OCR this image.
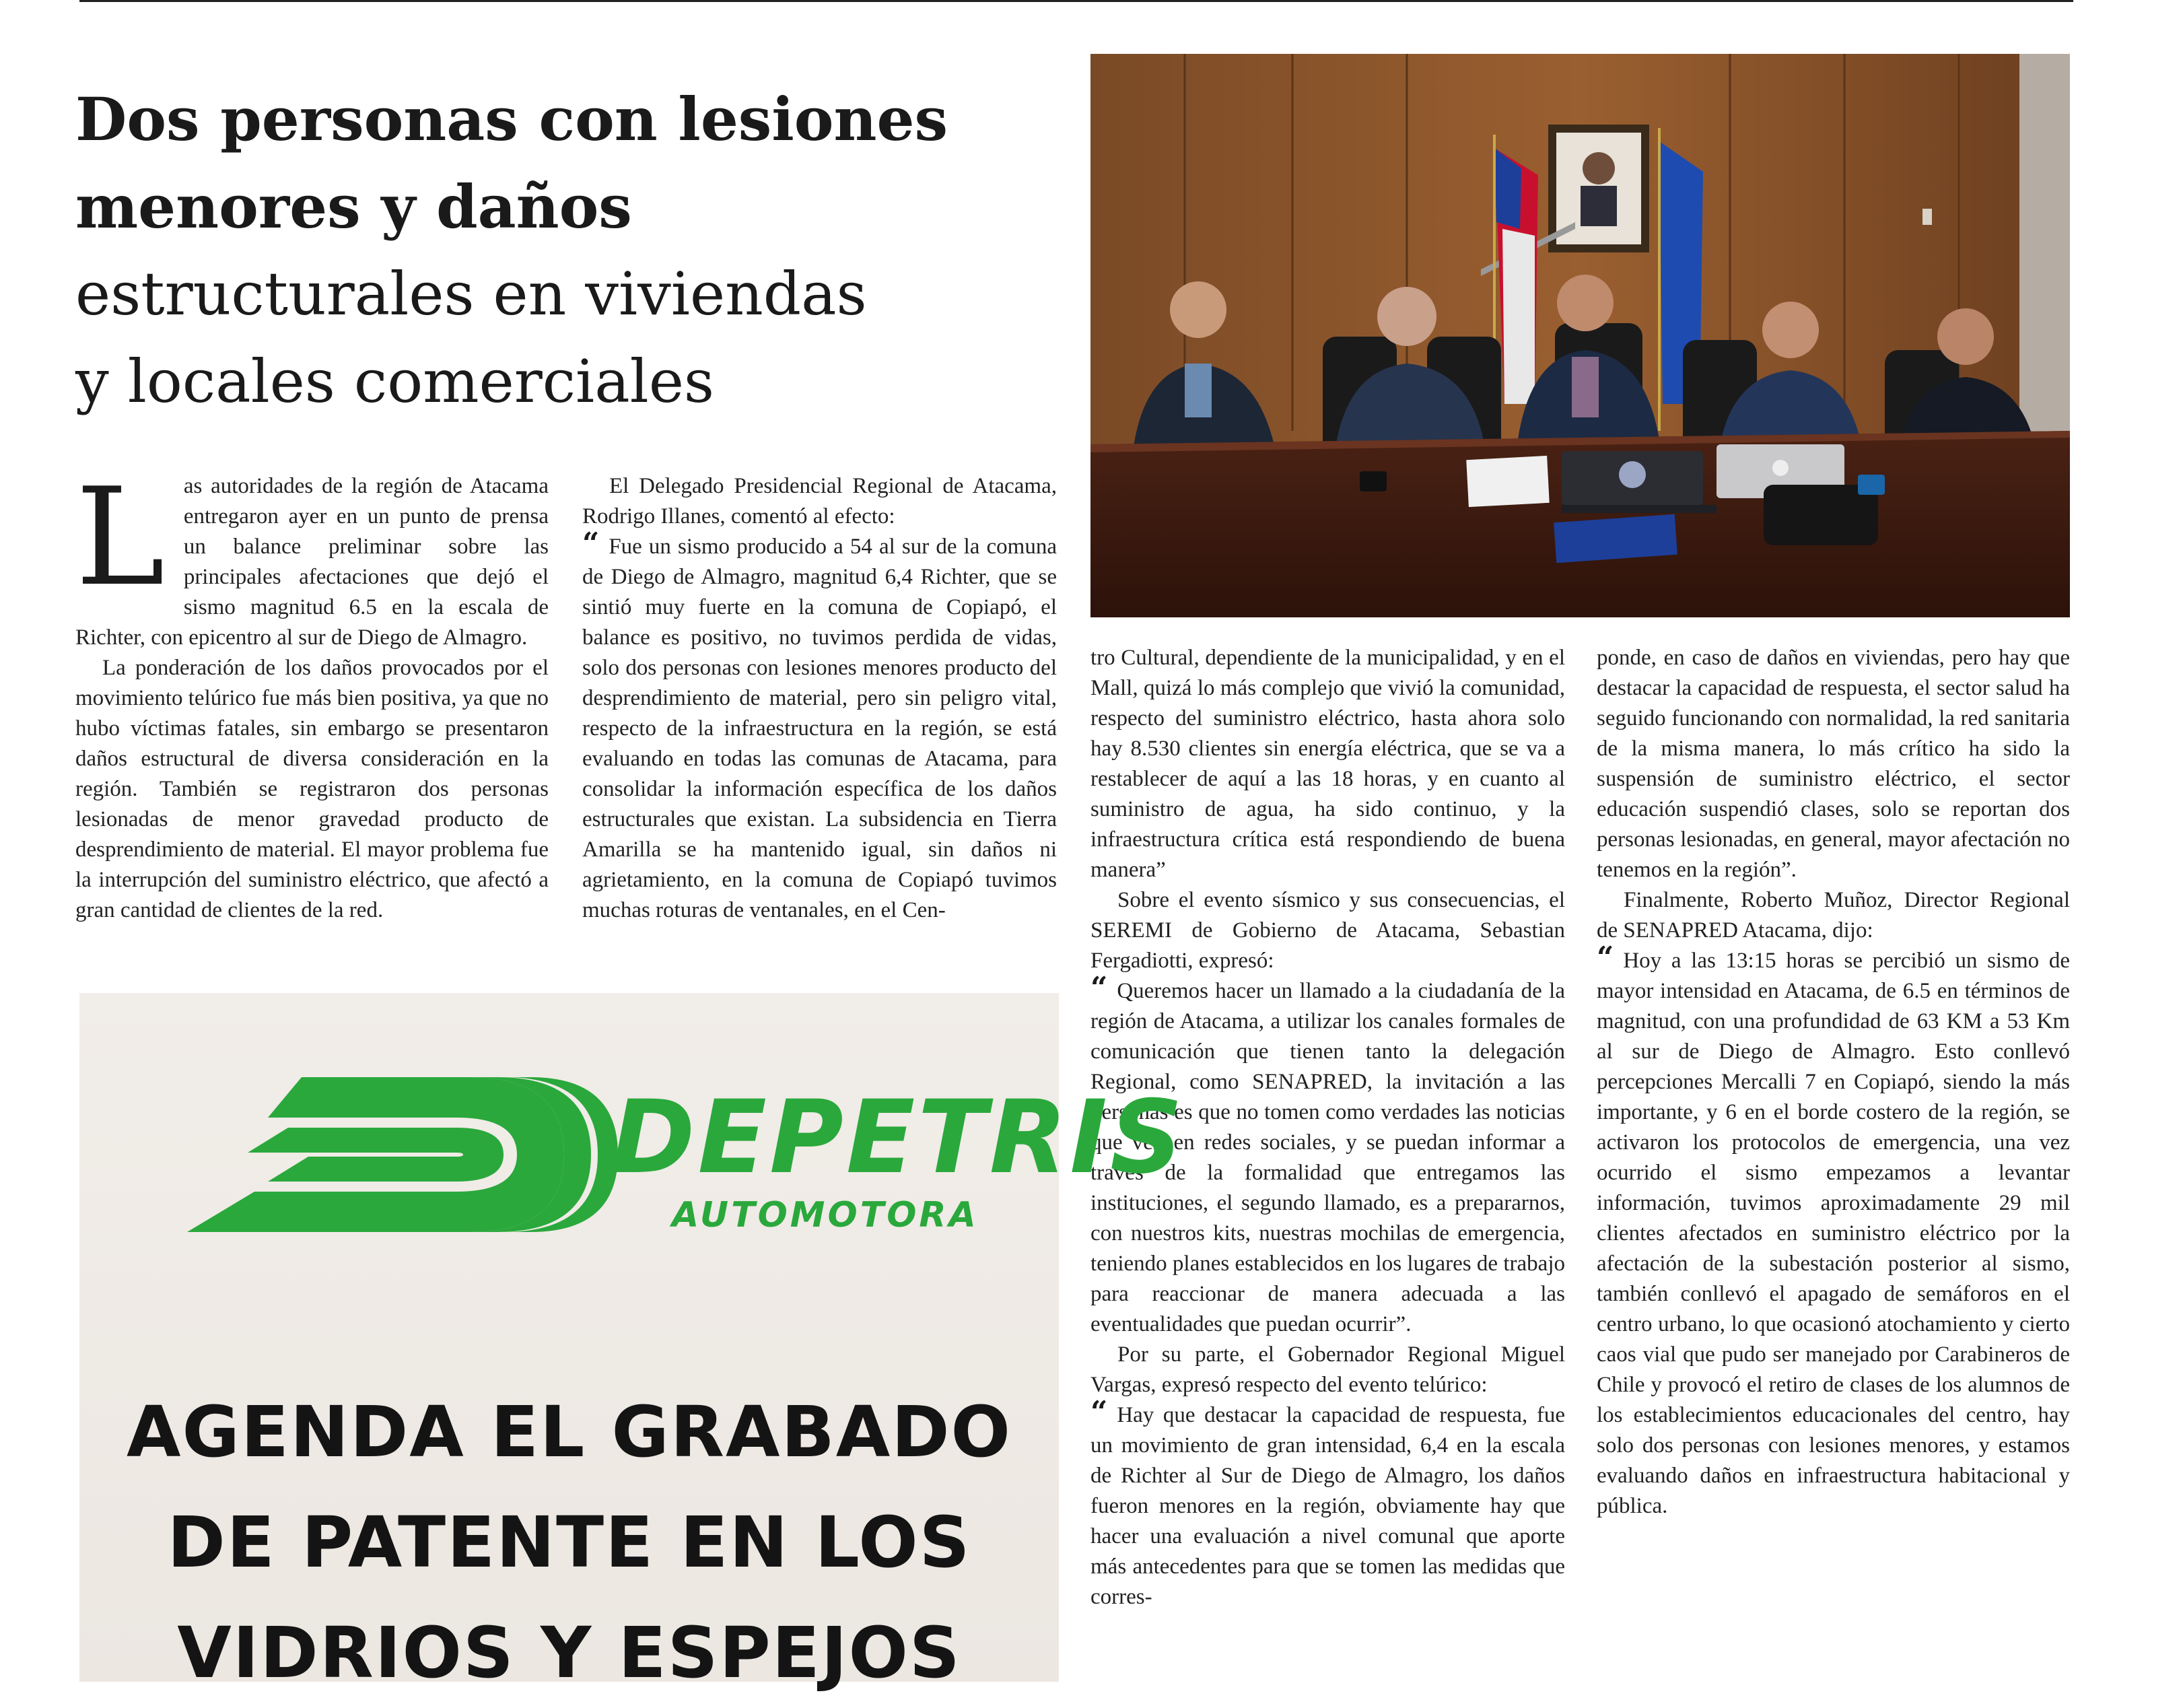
Dos personas con lesiones
menores y daños
estructurales en viviendas
y locales comerciales
L as autoridades de la región de Atacama entregaron ayer en un punto de prensa un balance preliminar sobre las principales afectaciones que dejó el sismo magnitud 6.5 en la escala de Richter, con epicentro al sur de Diego de Almagro.

La ponderación de los daños provocados por el movimiento telúrico fue más bien positiva, ya que no hubo víctimas fatales, sin embargo se presentaron daños estructural de diversa consideración en la región. También se registraron dos personas lesionadas de menor gravedad producto de desprendimiento de material. El mayor problema fue la interrupción del suministro eléctrico, que afectó a gran cantidad de clientes de la red.

El Delegado Presidencial Regional de Atacama, Rodrigo Illanes, comentó al efecto:

“ Fue un sismo producido a 54 al sur de la comuna de Diego de Almagro, magnitud 6,4 Richter, que se sintió muy fuerte en la comuna de Copiapó, el balance es positivo, no tuvimos perdida de vidas, solo dos personas con lesiones menores producto del desprendimiento de material, pero sin peligro vital, respecto de la infraestructura en la región, se está evaluando en todas las comunas de Atacama, para consolidar la información específica de los daños estructurales que existan. La subsidencia en Tierra Amarilla se ha mantenido igual, sin daños ni agrietamiento, en la comuna de Copiapó tuvimos muchas roturas de ventanales, en el Cen-

tro Cultural, dependiente de la municipalidad, y en el Mall, quizá lo más complejo que vivió la comunidad, respecto del suministro eléctrico, hasta ahora solo hay 8.530 clientes sin energía eléctrica, que se va a restablecer de aquí a las 18 horas, y en cuanto al suministro de agua, ha sido continuo, y la infraestructura crítica está respondiendo de buena manera”

Sobre el evento sísmico y sus consecuencias, el SEREMI de Gobierno de Atacama, Sebastian Fergadiotti, expresó:

“ Queremos hacer un llamado a la ciudadanía de la región de Atacama, a utilizar los canales formales de comunicación que tienen tanto la delegación Regional, como SENAPRED, la invitación a las personas es que no tomen como verdades las noticias que ven en redes sociales, y se puedan informar a través de la formalidad que entregamos las instituciones, el segundo llamado, es a prepararnos, con nuestros kits, nuestras mochilas de emergencia, teniendo planes establecidos en los lugares de trabajo para reaccionar de manera adecuada a las eventualidades que puedan ocurrir”.

Por su parte, el Gobernador Regional Miguel Vargas, expresó respecto del evento telúrico:

“ Hay que destacar la capacidad de respuesta, fue un movimiento de gran intensidad, 6,4 en la escala de Richter al Sur de Diego de Almagro, los daños fueron menores en la región, obviamente hay que hacer una evaluación a nivel comunal que aporte más antecedentes para que se tomen las medidas que corres-

ponde, en caso de daños en viviendas, pero hay que destacar la capacidad de respuesta, el sector salud ha seguido funcionando con normalidad, la red sanitaria de la misma manera, lo más crítico ha sido la suspensión de suministro eléctrico, el sector educación suspendió clases, solo se reportan dos personas lesionadas, en general, mayor afectación no tenemos en la región”.

Finalmente, Roberto Muñoz, Director Regional de SENAPRED Atacama, dijo:

“ Hoy a las 13:15 horas se percibió un sismo de mayor intensidad en Atacama, de 6.5 en términos de magnitud, con una profundidad de 63 KM a 53 Km al sur de Diego de Almagro. Esto conllevó percepciones Mercalli 7 en Copiapó, siendo la más importante, y 6 en el borde costero de la región, se activaron los protocolos de emergencia, una vez ocurrido el sismo empezamos a levantar información, tuvimos aproximadamente 29 mil clientes afectados en suministro eléctrico por la afectación de la subestación posterior al sismo, también conllevó el apagado de semáforos en el centro urbano, lo que ocasionó atochamiento y cierto caos vial que pudo ser manejado por Carabineros de Chile y provocó el retiro de clases de los alumnos de los establecimientos educacionales del centro, hay solo dos personas con lesiones menores, y estamos evaluando daños en infraestructura habitacional y pública.

DEPETRIS
AUTOMOTORA
AGENDA EL GRABADO
DE PATENTE EN LOS
VIDRIOS Y ESPEJOS
